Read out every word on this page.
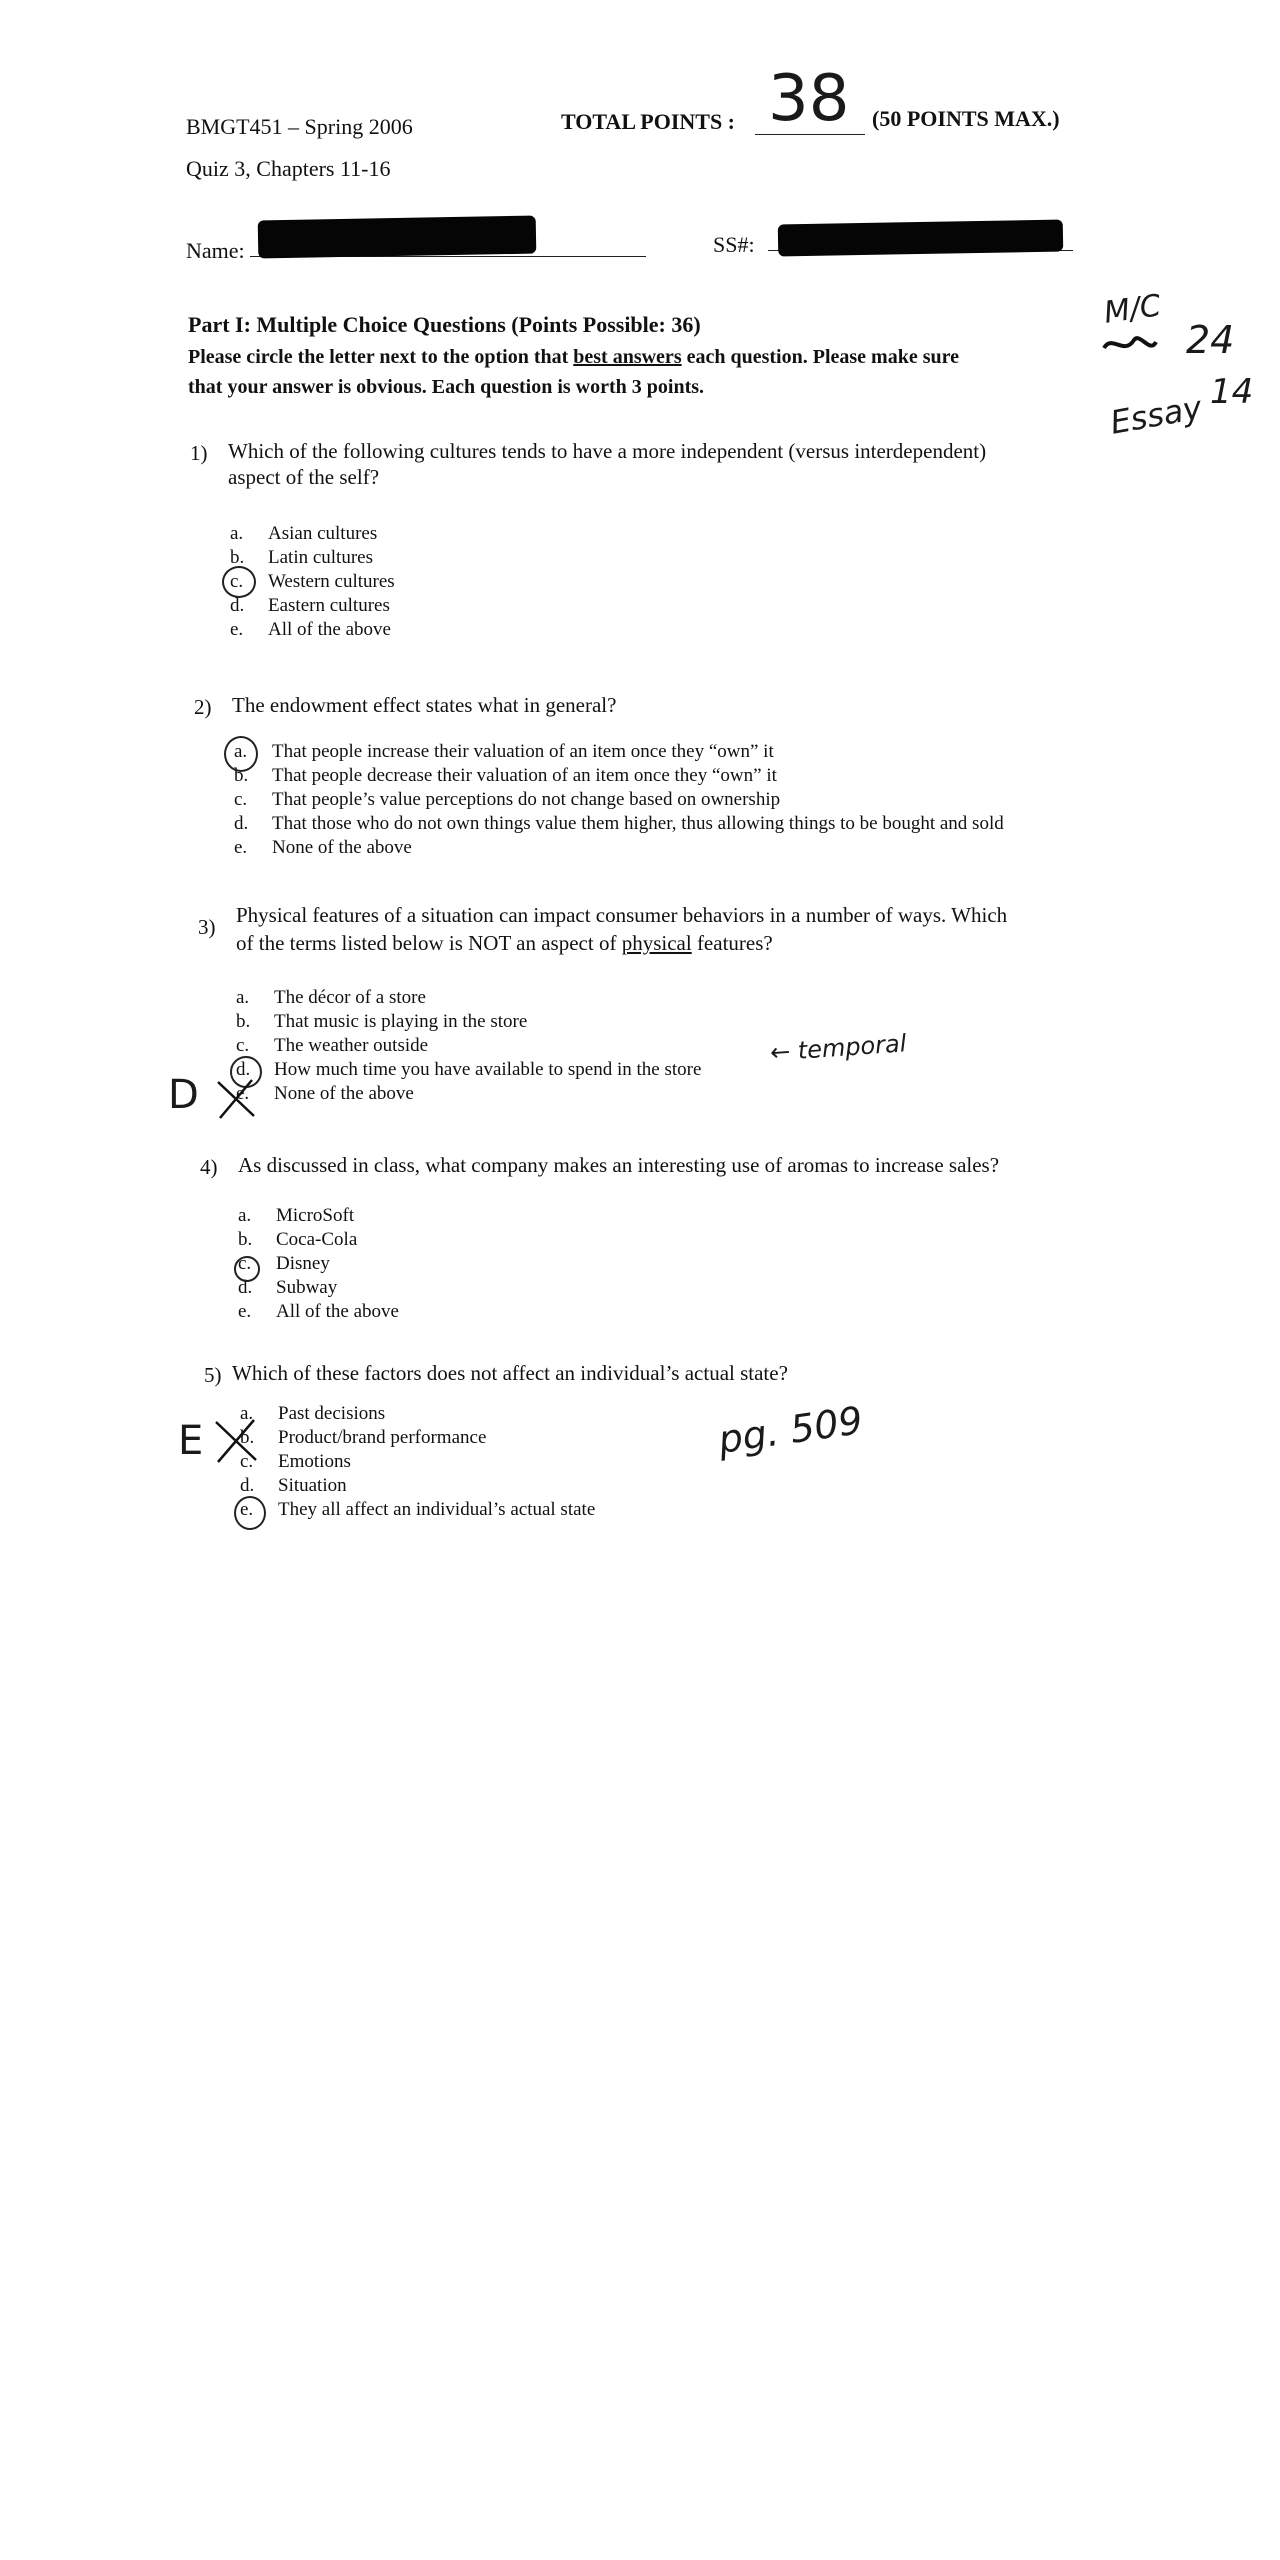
BMGT451 – Spring 2006
Quiz 3, Chapters 11-16
TOTAL POINTS : 38 (50 POINTS MAX.)
Name:	SS#:
M/C
24
Essay 14
Part I: Multiple Choice Questions (Points Possible: 36)
Please circle the letter next to the option that best answers each question. Please make sure
that your answer is obvious. Each question is worth 3 points.
1) Which of the following cultures tends to have a more independent (versus interdependent)
aspect of the self?
a. Asian cultures
b. Latin cultures
c. Western cultures
d. Eastern cultures
e. All of the above
2) The endowment effect states what in general?
a. That people increase their valuation of an item once they “own” it
b. That people decrease their valuation of an item once they “own” it
c. That people’s value perceptions do not change based on ownership
d. That those who do not own things value them higher, thus allowing things to be bought and sold
e. None of the above
3) Physical features of a situation can impact consumer behaviors in a number of ways. Which
of the terms listed below is NOT an aspect of physical features?
a. The décor of a store
b. That music is playing in the store
c. The weather outside
d. How much time you have available to spend in the store
e. None of the above
D
← temporal
4) As discussed in class, what company makes an interesting use of aromas to increase sales?
a. MicroSoft
b. Coca-Cola
c. Disney
d. Subway
e. All of the above
5) Which of these factors does not affect an individual’s actual state?
a. Past decisions
b. Product/brand performance
c. Emotions
d. Situation
e. They all affect an individual’s actual state
E	pg. 509
